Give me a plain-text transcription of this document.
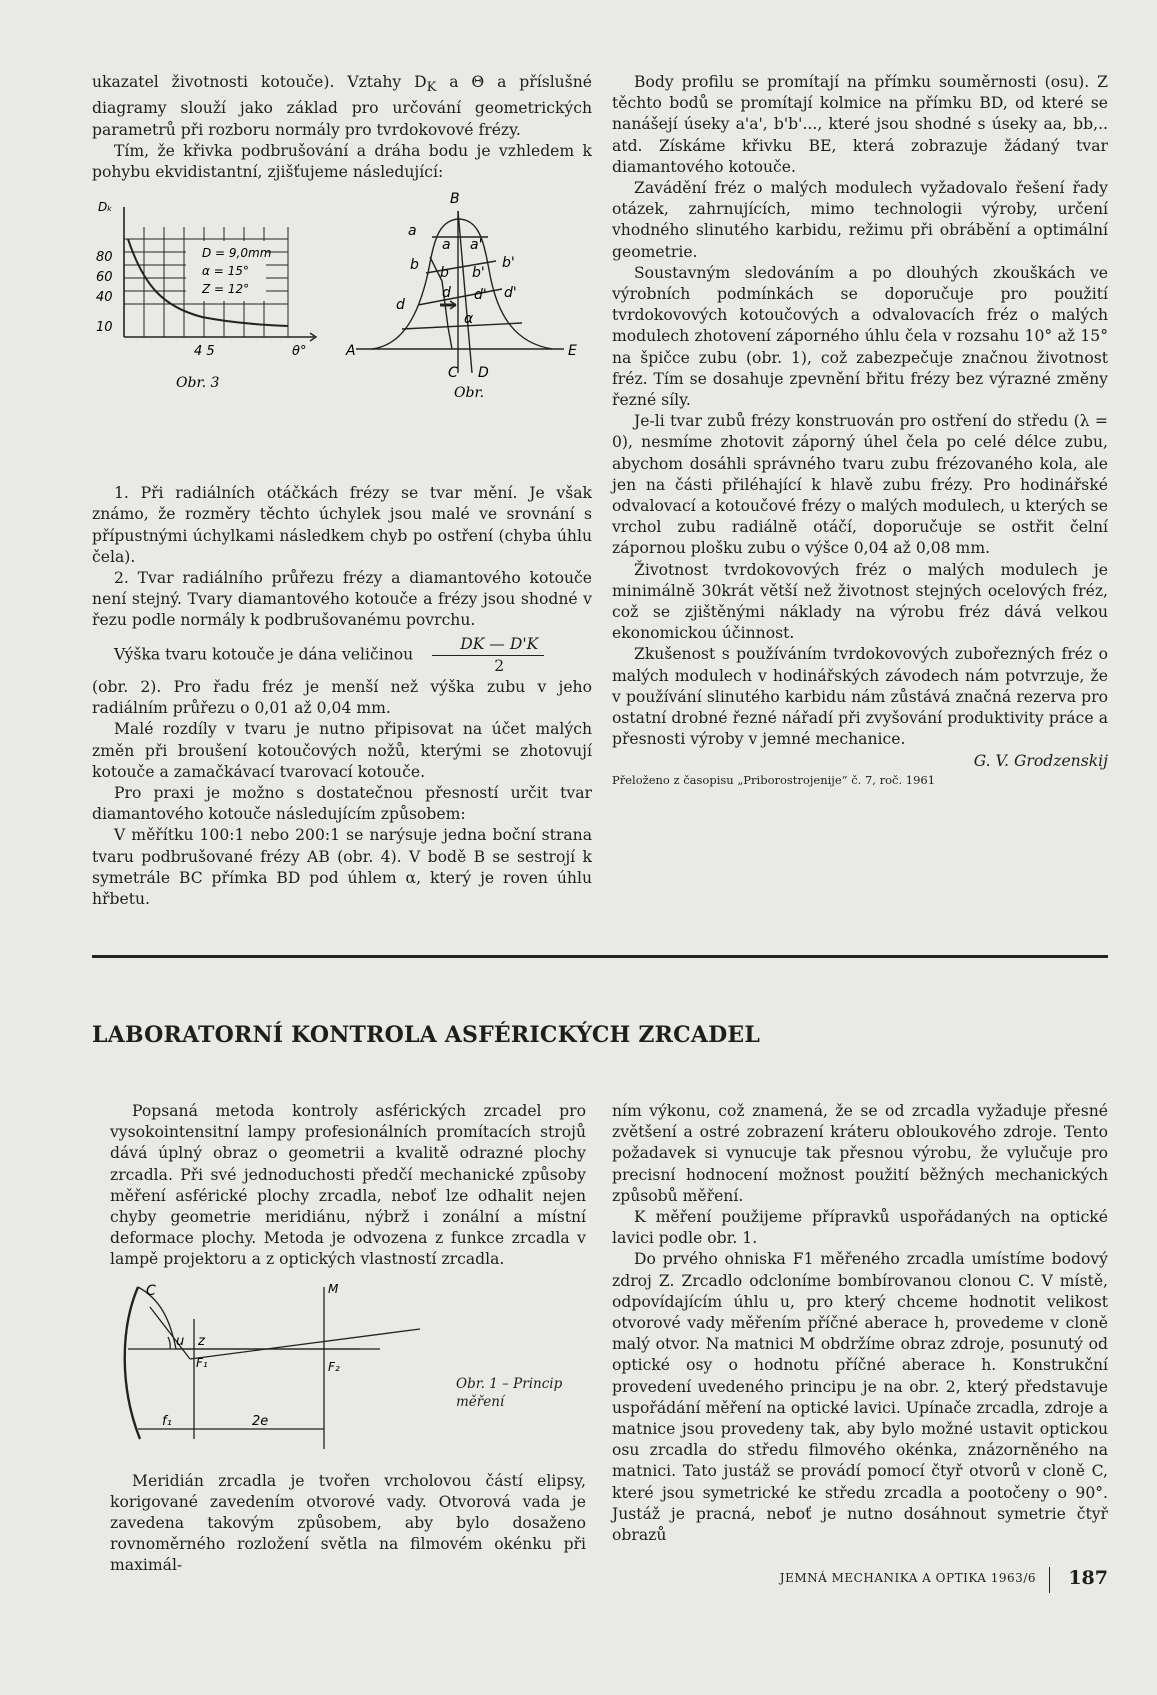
ukazatel životnosti kotouče). Vztahy $D_K$ a Θ a příslušné diagramy slouží jako základ pro určování geometrických parametrů při rozboru normály pro tvrdokovové frézy.

Tím, že křivka podbrušování a dráha bodu je vzhledem k pohybu ekvidistantní, zjišťujeme následující:

Dₖ
80
60
40
10
4 5	θ°
D = 9,0mm
α = 15°
Z = 12°
Obr. 3
B
a
a a'
b b b'
b'
d
d d' d'
α
A	E
C D
Obr.

1. Při radiálních otáčkách frézy se tvar mění. Je však známo, že rozměry těchto úchylek jsou malé ve srovnání s přípustnými úchylkami následkem chyb po ostření (chyba úhlu čela).

2. Tvar radiálního průřezu frézy a diamantového kotouče není stejný. Tvary diamantového kotouče a frézy jsou shodné v řezu podle normály k podbrušovanému povrchu.

Výška tvaru kotouče je dána veličinou $\frac{DK — D'K}{2}$

(obr. 2). Pro řadu fréz je menší než výška zubu v jeho radiálním průřezu o 0,01 až 0,04 mm.

Malé rozdíly v tvaru je nutno připisovat na účet malých změn při broušení kotoučových nožů, kterými se zhotovují kotouče a zamačkávací tvarovací kotouče.

Pro praxi je možno s dostatečnou přesností určit tvar diamantového kotouče následujícím způsobem:

V měřítku 100:1 nebo 200:1 se narýsuje jedna boční strana tvaru podbrušované frézy AB (obr. 4). V bodě B se sestrojí k symetrále BC přímka BD pod úhlem α, který je roven úhlu hřbetu.

Body profilu se promítají na přímku souměrnosti (osu). Z těchto bodů se promítají kolmice na přímku BD, od které se nanášejí úseky a'a', b'b'..., které jsou shodné s úseky aa, bb,.. atd. Získáme křivku BE, která zobrazuje žádaný tvar diamantového kotouče.

Zavádění fréz o malých modulech vyžadovalo řešení řady otázek, zahrnujících, mimo technologii výroby, určení vhodného slinutého karbidu, režimu při obrábění a optimální geometrie.

Soustavným sledováním a po dlouhých zkouškách ve výrobních podmínkách se doporučuje pro použití tvrdokovových kotoučových a odvalovacích fréz o malých modulech zhotovení záporného úhlu čela v rozsahu 10° až 15° na špičce zubu (obr. 1), což zabezpečuje značnou životnost fréz. Tím se dosahuje zpevnění břitu frézy bez výrazné změny řezné síly.

Je-li tvar zubů frézy konstruován pro ostření do středu (λ = 0), nesmíme zhotovit záporný úhel čela po celé délce zubu, abychom dosáhli správného tvaru zubu frézovaného kola, ale jen na části přiléhající k hlavě zubu frézy. Pro hodinářské odvalovací a kotoučové frézy o malých modulech, u kterých se vrchol zubu radiálně otáčí, doporučuje se ostřit čelní zápornou plošku zubu o výšce 0,04 až 0,08 mm.

Životnost tvrdokovových fréz o malých modulech je minimálně 30krát větší než životnost stejných ocelových fréz, což se zjištěnými náklady na výrobu fréz dává velkou ekonomickou účinnost.

Zkušenost s používáním tvrdokovových zubořezných fréz o malých modulech v hodinářských závodech nám potvrzuje, že v používání slinutého karbidu nám zůstává značná rezerva pro ostatní drobné řezné nářadí při zvyšování produktivity práce a přesnosti výroby v jemné mechanice.

G. V. Grodzenskij

Přeloženo z časopisu „Priborostrojenije“ č. 7, roč. 1961

LABORATORNÍ KONTROLA ASFÉRICKÝCH ZRCADEL

Popsaná metoda kontroly asférických zrcadel pro vysokointensitní lampy profesionálních promítacích strojů dává úplný obraz o geometrii a kvalitě odrazné plochy zrcadla. Při své jednoduchosti předčí mechanické způsoby měření asférické plochy zrcadla, neboť lze odhalit nejen chyby geometrie meridiánu, nýbrž i zonální a místní deformace plochy. Metoda je odvozena z funkce zrcadla v lampě projektoru a z optických vlastností zrcadla.

C
u z
F₁
f₁	2e
M
F₂
Obr. 1 – Princip měření

Meridián zrcadla je tvořen vrcholovou částí elipsy, korigované zavedením otvorové vady. Otvorová vada je zavedena takovým způsobem, aby bylo dosaženo rovnoměrného rozložení světla na filmovém okénku při maximál-

ním výkonu, což znamená, že se od zrcadla vyžaduje přesné zvětšení a ostré zobrazení kráteru obloukového zdroje. Tento požadavek si vynucuje tak přesnou výrobu, že vylučuje pro precisní hodnocení možnost použití běžných mechanických způsobů měření.

K měření použijeme přípravků uspořádaných na optické lavici podle obr. 1.

Do prvého ohniska F1 měřeného zrcadla umístíme bodový zdroj Z. Zrcadlo odcloníme bombírovanou clonou C. V místě, odpovídajícím úhlu u, pro který chceme hodnotit velikost otvorové vady měřením příčné aberace h, provedeme v cloně malý otvor. Na matnici M obdržíme obraz zdroje, posunutý od optické osy o hodnotu příčné aberace h. Konstrukční provedení uvedeného principu je na obr. 2, který představuje uspořádání měření na optické lavici. Upínače zrcadla, zdroje a matnice jsou provedeny tak, aby bylo možné ustavit optickou osu zrcadla do středu filmového okénka, znázorněného na matnici. Tato justáž se provádí pomocí čtyř otvorů v cloně C, které jsou symetrické ke středu zrcadla a pootočeny o 90°. Justáž je pracná, neboť je nutno dosáhnout symetrie čtyř obrazů

JEMNÁ MECHANIKA A OPTIKA 1963/6 187
